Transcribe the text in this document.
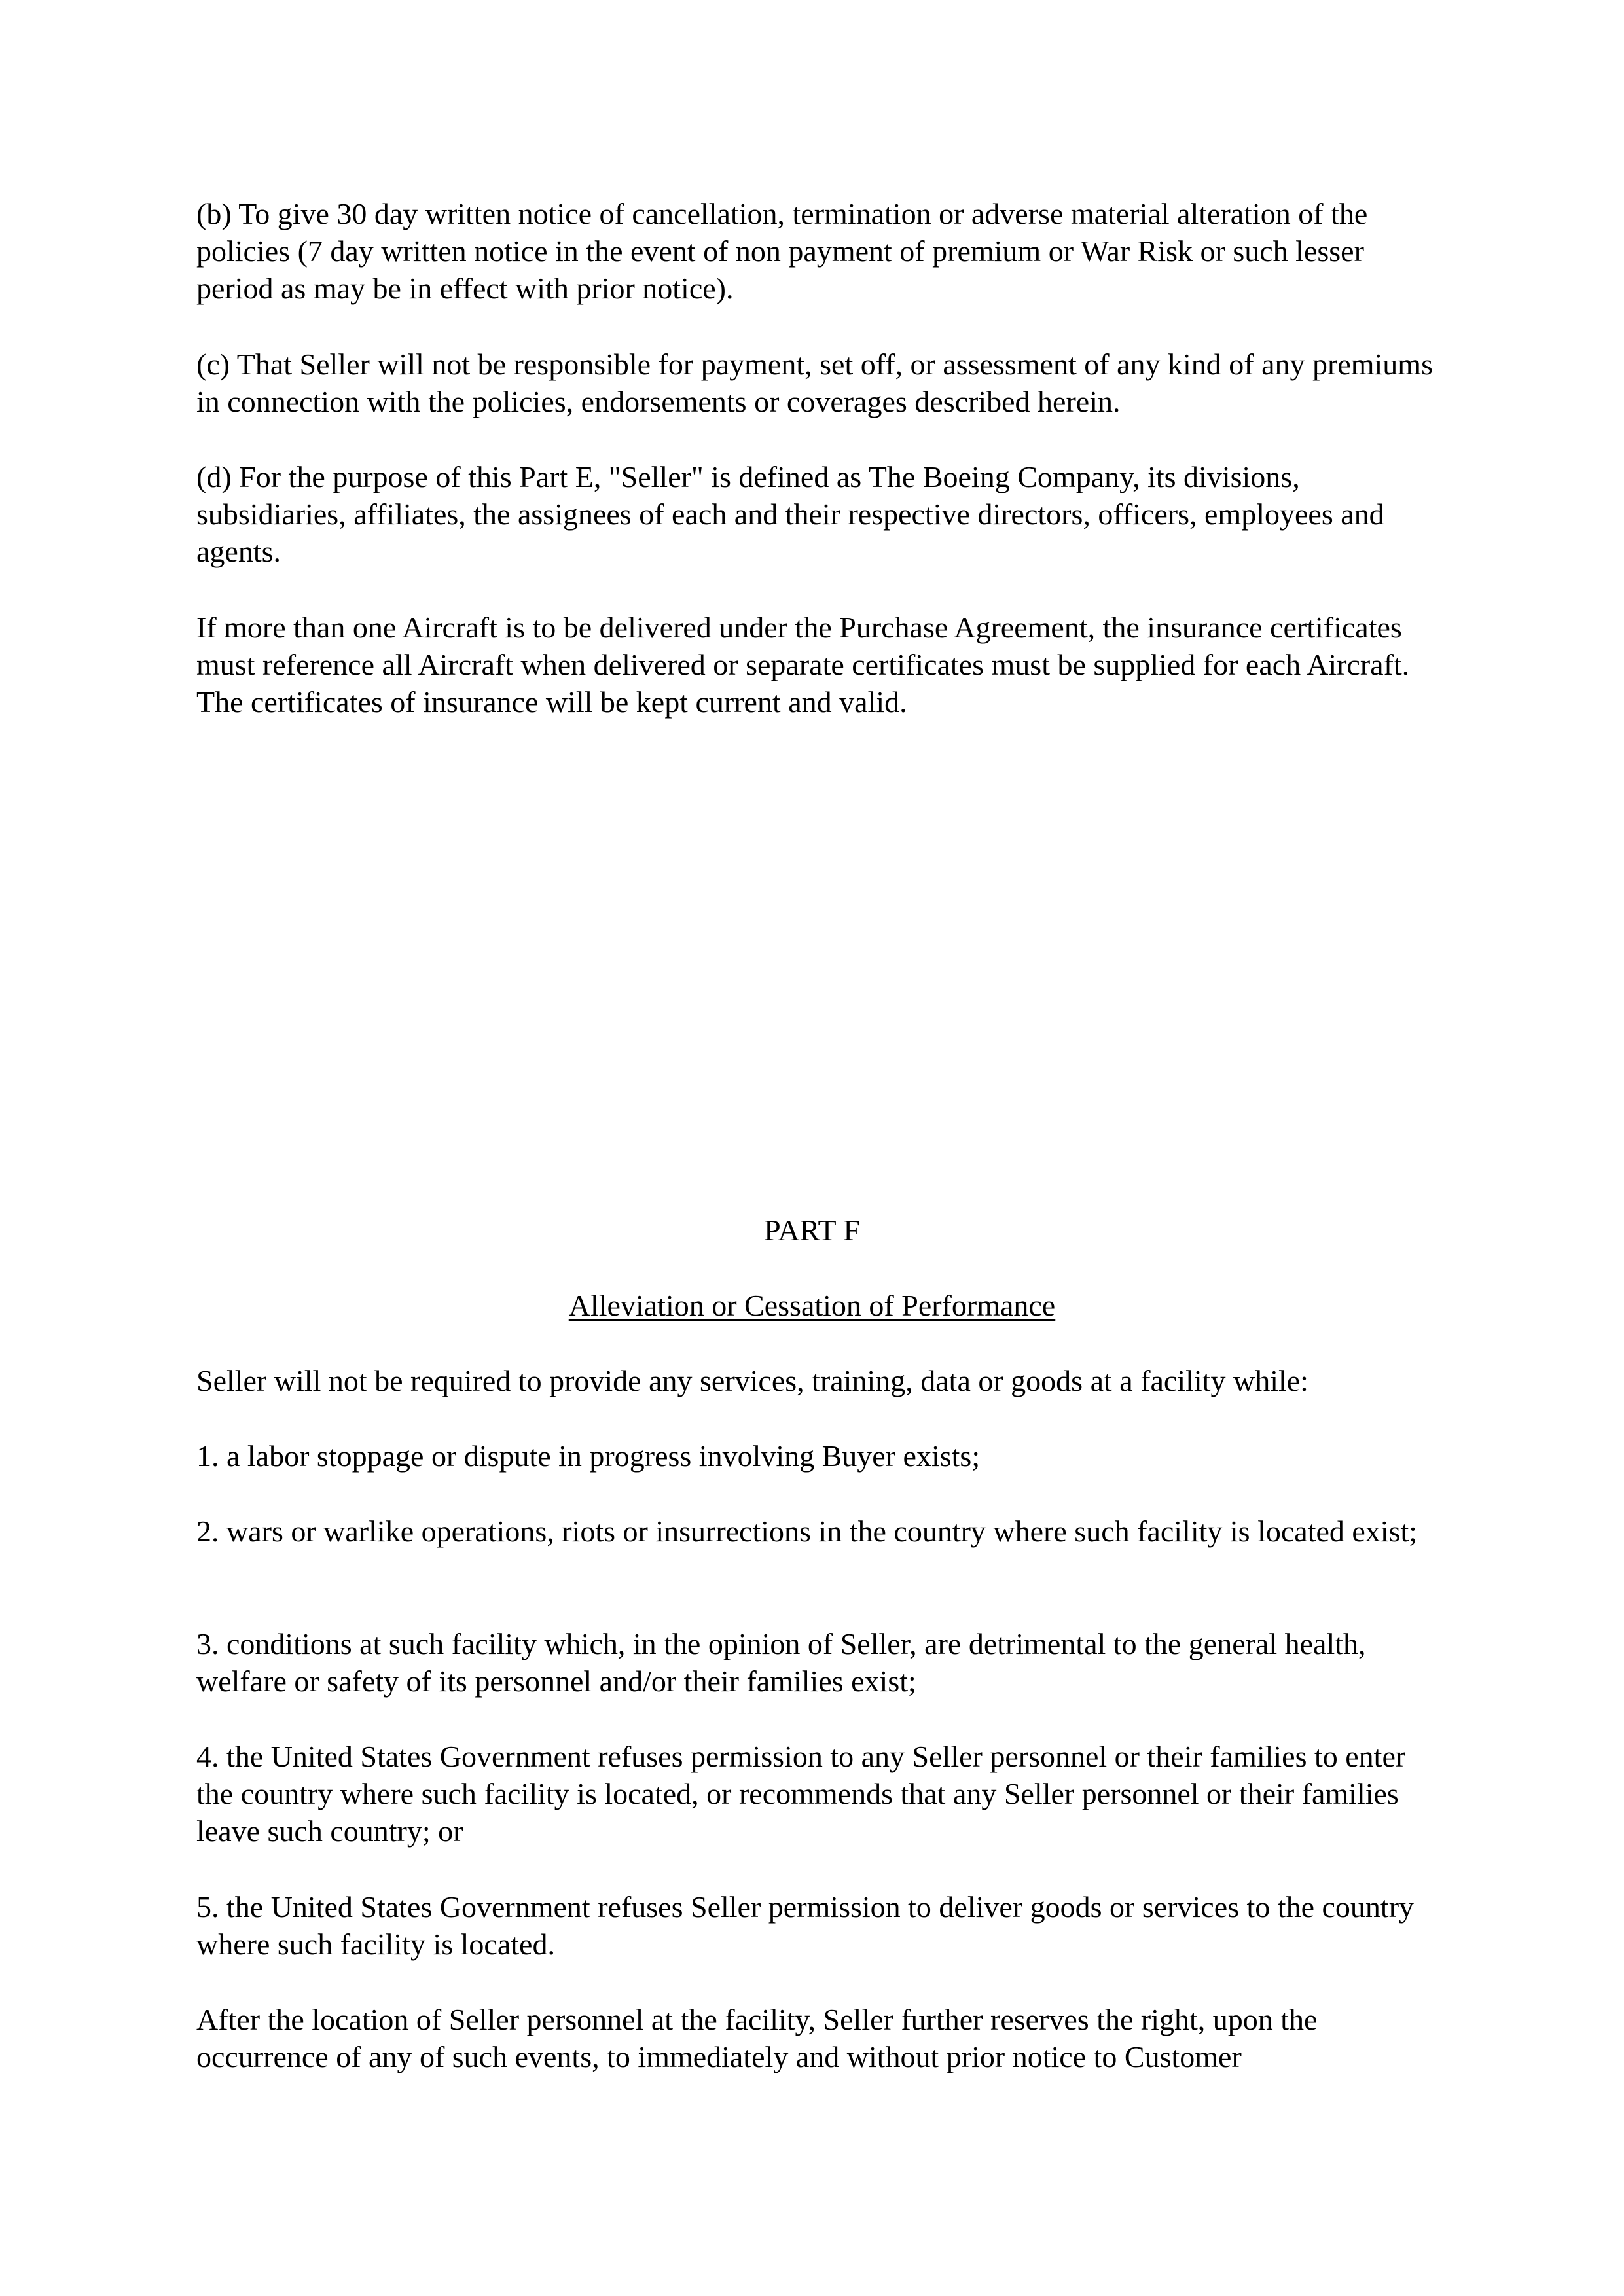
(b) To give 30 day written notice of cancellation, termination or adverse material alteration of the policies (7 day written notice in the event of non payment of premium or War Risk or such lesser period as may be in effect with prior notice).

(c) That Seller will not be responsible for payment, set off, or assessment of any kind of any premiums in connection with the policies, endorsements or coverages described herein.

(d) For the purpose of this Part E, "Seller" is defined as The Boeing Company, its divisions, subsidiaries, affiliates, the assignees of each and their respective directors, officers, employees and agents.

If more than one Aircraft is to be delivered under the Purchase Agreement, the insurance certificates must reference all Aircraft when delivered or separate certificates must be supplied for each Aircraft. The certificates of insurance will be kept current and valid.

PART F

Alleviation or Cessation of Performance

Seller will not be required to provide any services, training, data or goods at a facility while:

1. a labor stoppage or dispute in progress involving Buyer exists;

2. wars or warlike operations, riots or insurrections in the country where such facility is located exist;

3. conditions at such facility which, in the opinion of Seller, are detrimental to the general health, welfare or safety of its personnel and/or their families exist;

4. the United States Government refuses permission to any Seller personnel or their families to enter the country where such facility is located, or recommends that any Seller personnel or their families leave such country; or

5. the United States Government refuses Seller permission to deliver goods or services to the country where such facility is located.

After the location of Seller personnel at the facility, Seller further reserves the right, upon the occurrence of any of such events, to immediately and without prior notice to Customer
